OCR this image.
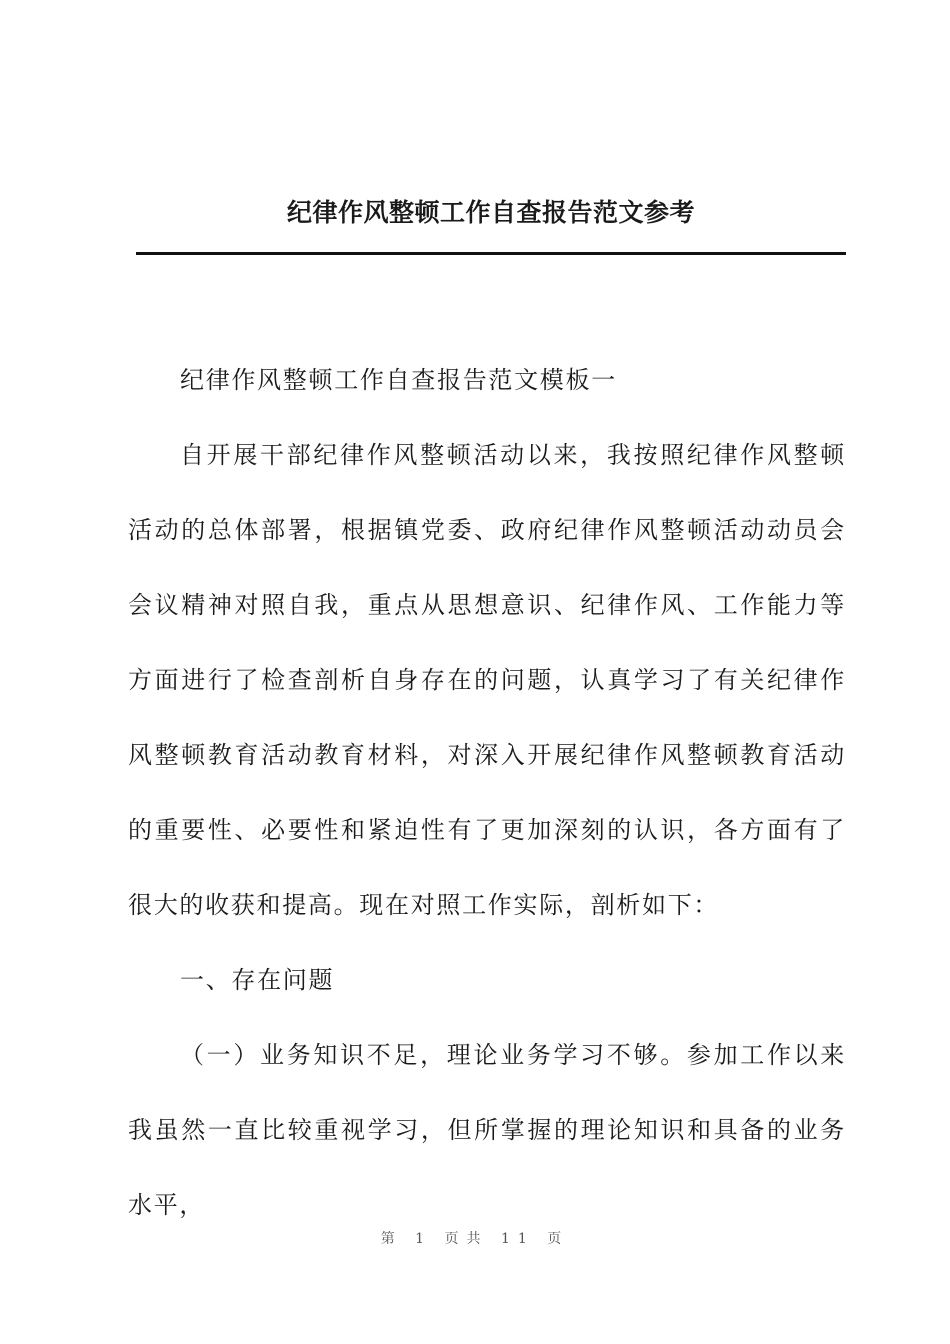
纪律作风整顿工作自查报告范文参考

纪律作风整顿工作自查报告范文模板一

自开展干部纪律作风整顿活动以来，我按照纪律作风整顿活动的总体部署，根据镇党委、政府纪律作风整顿活动动员会会议精神对照自我，重点从思想意识、纪律作风、工作能力等方面进行了检查剖析自身存在的问题，认真学习了有关纪律作风整顿教育活动教育材料，对深入开展纪律作风整顿教育活动的重要性、必要性和紧迫性有了更加深刻的认识，各方面有了很大的收获和提高。现在对照工作实际，剖析如下：

一、存在问题

（一）业务知识不足，理论业务学习不够。参加工作以来我虽然一直比较重视学习，但所掌握的理论知识和具备的业务水平，

第 1 页共 11 页
